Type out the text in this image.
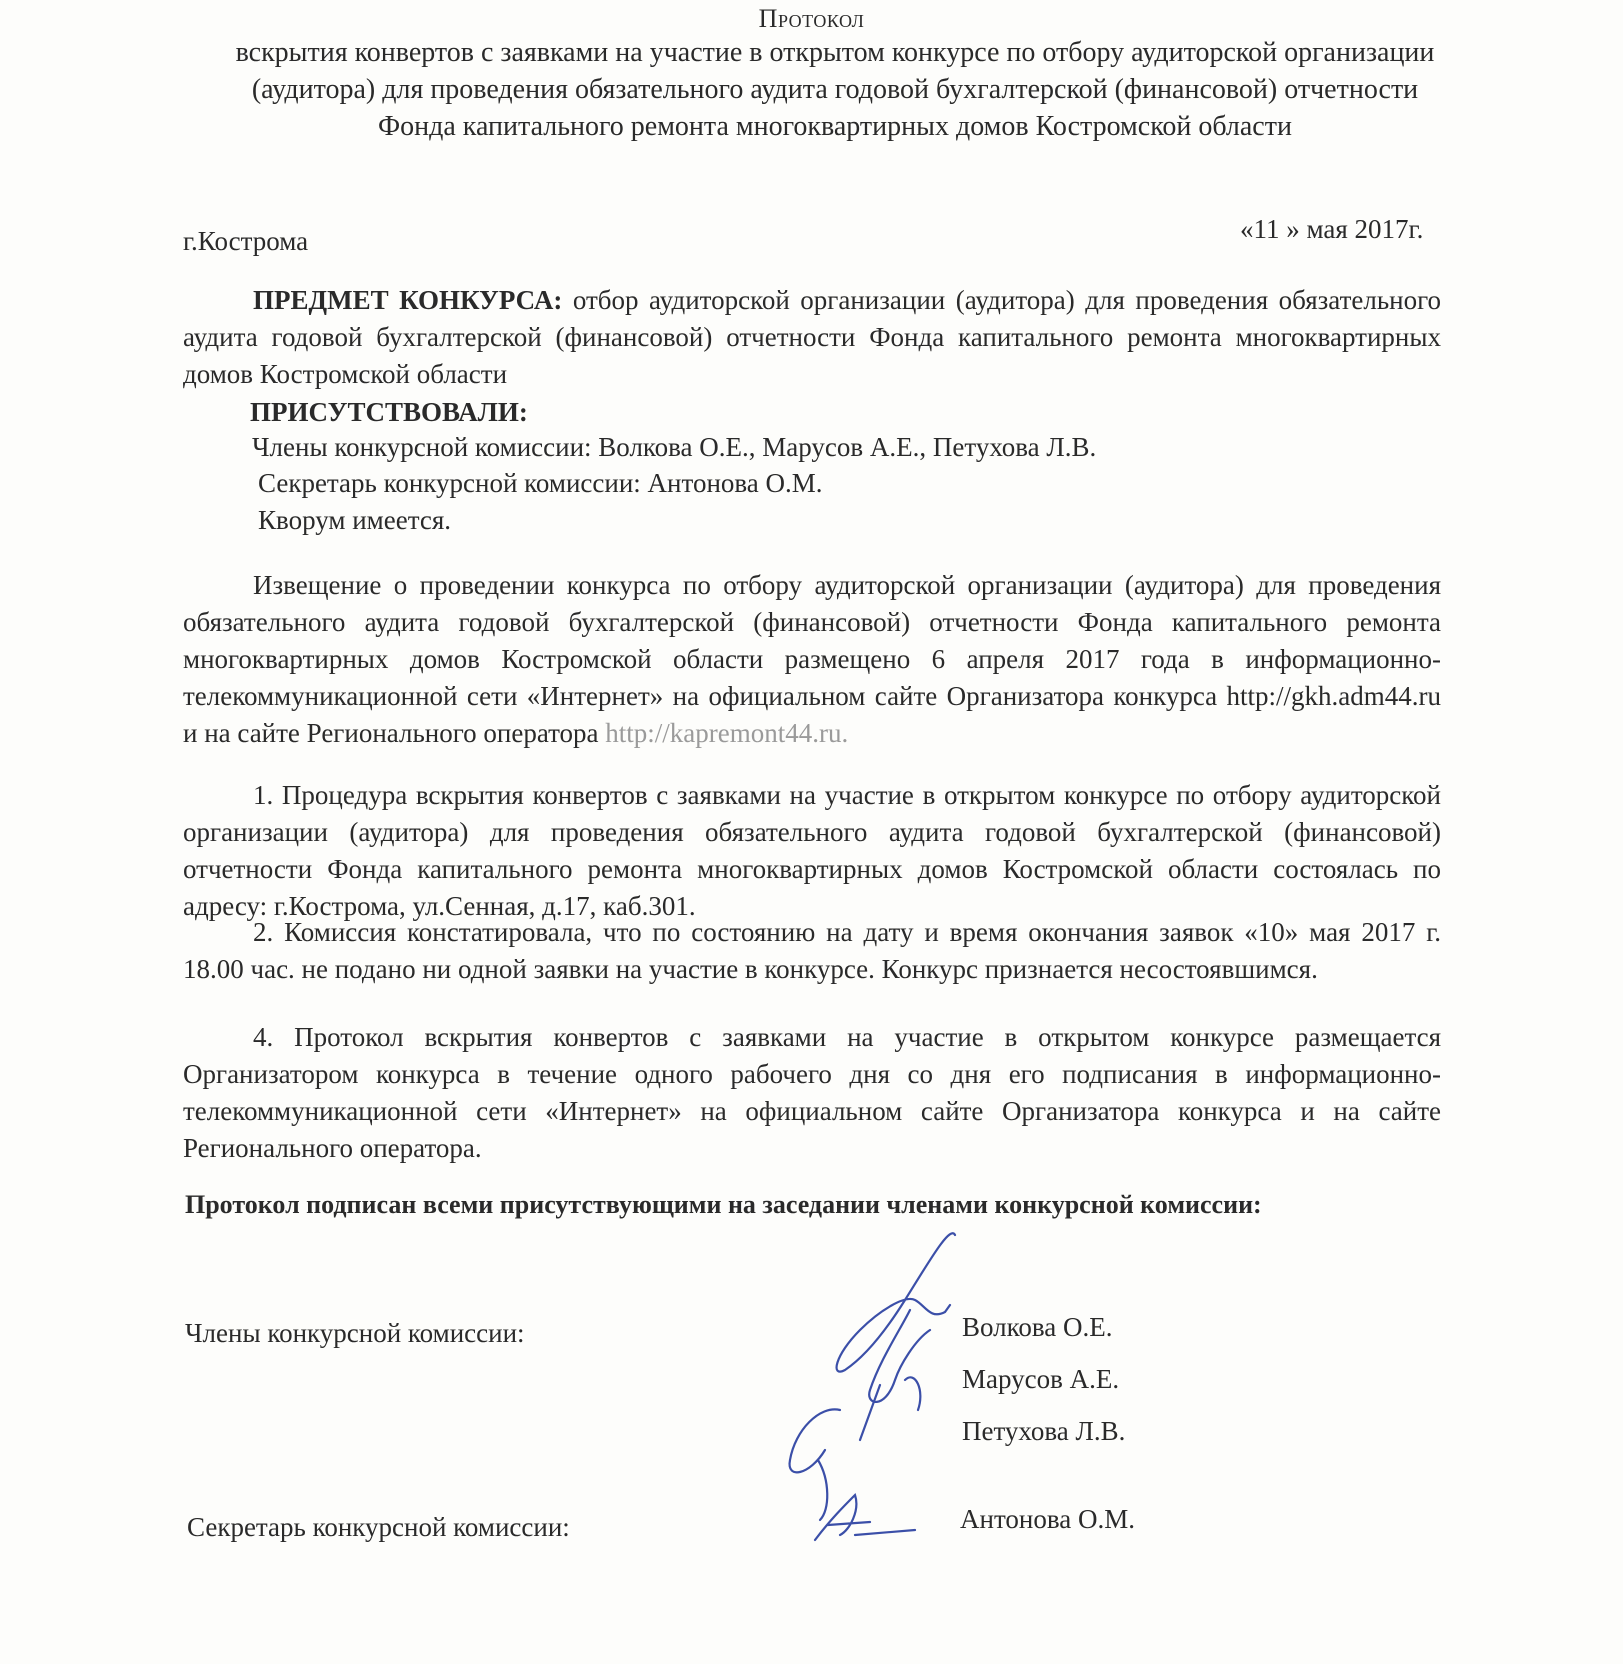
Протокол
вскрытия конвертов с заявками на участие в открытом конкурсе по отбору аудиторской организации (аудитора) для проведения обязательного аудита годовой бухгалтерской (финансовой) отчетности Фонда капитального ремонта многоквартирных домов Костромской области
г.Кострома	«11 » мая 2017г.
ПРЕДМЕТ КОНКУРСА: отбор аудиторской организации (аудитора) для проведения обязательного аудита годовой бухгалтерской (финансовой) отчетности Фонда капитального ремонта многоквартирных домов Костромской области
ПРИСУТСТВОВАЛИ:
Члены конкурсной комиссии: Волкова О.Е., Марусов А.Е., Петухова Л.В.
Секретарь конкурсной комиссии: Антонова О.М.
Кворум имеется.
Извещение о проведении конкурса по отбору аудиторской организации (аудитора) для проведения обязательного аудита годовой бухгалтерской (финансовой) отчетности Фонда капитального ремонта многоквартирных домов Костромской области размещено 6 апреля 2017 года в информационно-телекоммуникационной сети «Интернет» на официальном сайте Организатора конкурса http://gkh.adm44.ru и на сайте Регионального оператора http://kapremont44.ru.
1. Процедура вскрытия конвертов с заявками на участие в открытом конкурсе по отбору аудиторской организации (аудитора) для проведения обязательного аудита годовой бухгалтерской (финансовой) отчетности Фонда капитального ремонта многоквартирных домов Костромской области состоялась по адресу: г.Кострома, ул.Сенная, д.17, каб.301.
2. Комиссия констатировала, что по состоянию на дату и время окончания заявок «10» мая 2017 г. 18.00 час. не подано ни одной заявки на участие в конкурсе. Конкурс признается несостоявшимся.
4. Протокол вскрытия конвертов с заявками на участие в открытом конкурсе размещается Организатором конкурса в течение одного рабочего дня со дня его подписания в информационно-телекоммуникационной сети «Интернет» на официальном сайте Организатора конкурса и на сайте Регионального оператора.
Протокол подписан всеми присутствующими на заседании членами конкурсной комиссии:
Члены конкурсной комиссии:	Волкова О.Е.
Марусов А.Е.
Петухова Л.В.
Секретарь конкурсной комиссии:	Антонова О.М.
